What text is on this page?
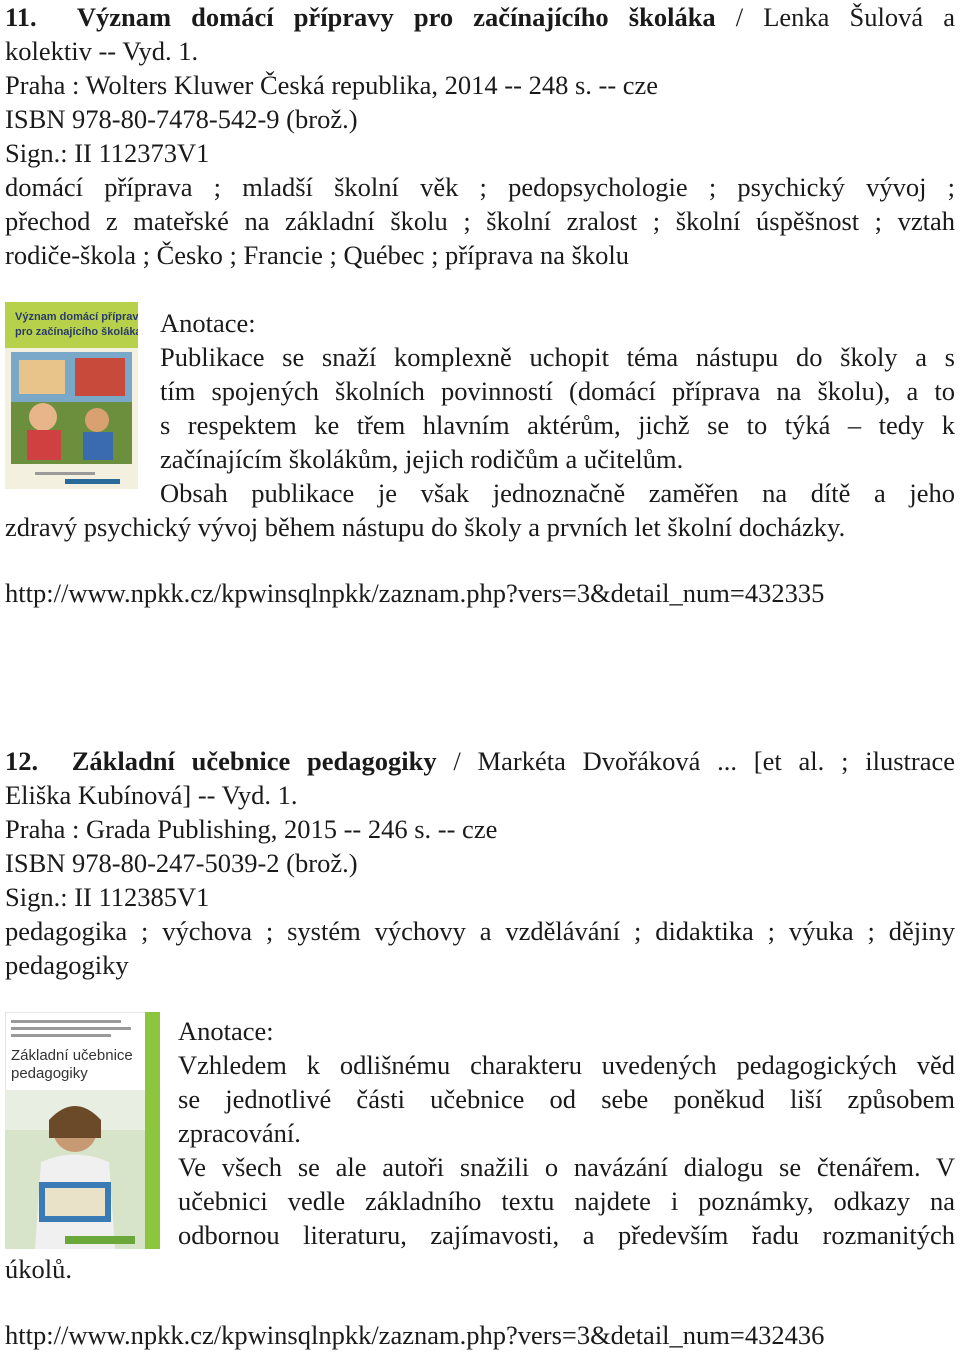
11. Význam domácí přípravy pro začínajícího školáka / Lenka Šulová a
kolektiv -- Vyd. 1.
Praha : Wolters Kluwer Česká republika, 2014 -- 248 s. -- cze
ISBN 978-80-7478-542-9 (brož.)
Sign.: II 112373V1
domácí příprava ; mladší školní věk ; pedopsychologie ; psychický vývoj ;
přechod z mateřské na základní školu ; školní zralost ; školní úspěšnost ; vztah
rodiče-škola ; Česko ; Francie ; Québec ; příprava na školu
Význam domácí přípravy
pro začínajícího školáka Anotace:
Publikace se snaží komplexně uchopit téma nástupu do školy a s
tím spojených školních povinností (domácí příprava na školu), a to
s respektem ke třem hlavním aktérům, jichž se to týká – tedy k
začínajícím školákům, jejich rodičům a učitelům.
Obsah publikace je však jednoznačně zaměřen na dítě a jeho
zdravý psychický vývoj během nástupu do školy a prvních let školní docházky.
http://www.npkk.cz/kpwinsqlnpkk/zaznam.php?vers=3&detail_num=432335
12. Základní učebnice pedagogiky / Markéta Dvořáková ... [et al. ; ilustrace
Eliška Kubínová] -- Vyd. 1.
Praha : Grada Publishing, 2015 -- 246 s. -- cze
ISBN 978-80-247-5039-2 (brož.)
Sign.: II 112385V1
pedagogika ; výchova ; systém výchovy a vzdělávání ; didaktika ; výuka ; dějiny
pedagogiky
Základní učebnice
pedagogiky
Anotace:
Vzhledem k odlišnému charakteru uvedených pedagogických věd
se jednotlivé části učebnice od sebe poněkud liší způsobem
zpracování.
Ve všech se ale autoři snažili o navázání dialogu se čtenářem. V
učebnici vedle základního textu najdete i poznámky, odkazy na
odbornou literaturu, zajímavosti, a především řadu rozmanitých
úkolů.
http://www.npkk.cz/kpwinsqlnpkk/zaznam.php?vers=3&detail_num=432436
